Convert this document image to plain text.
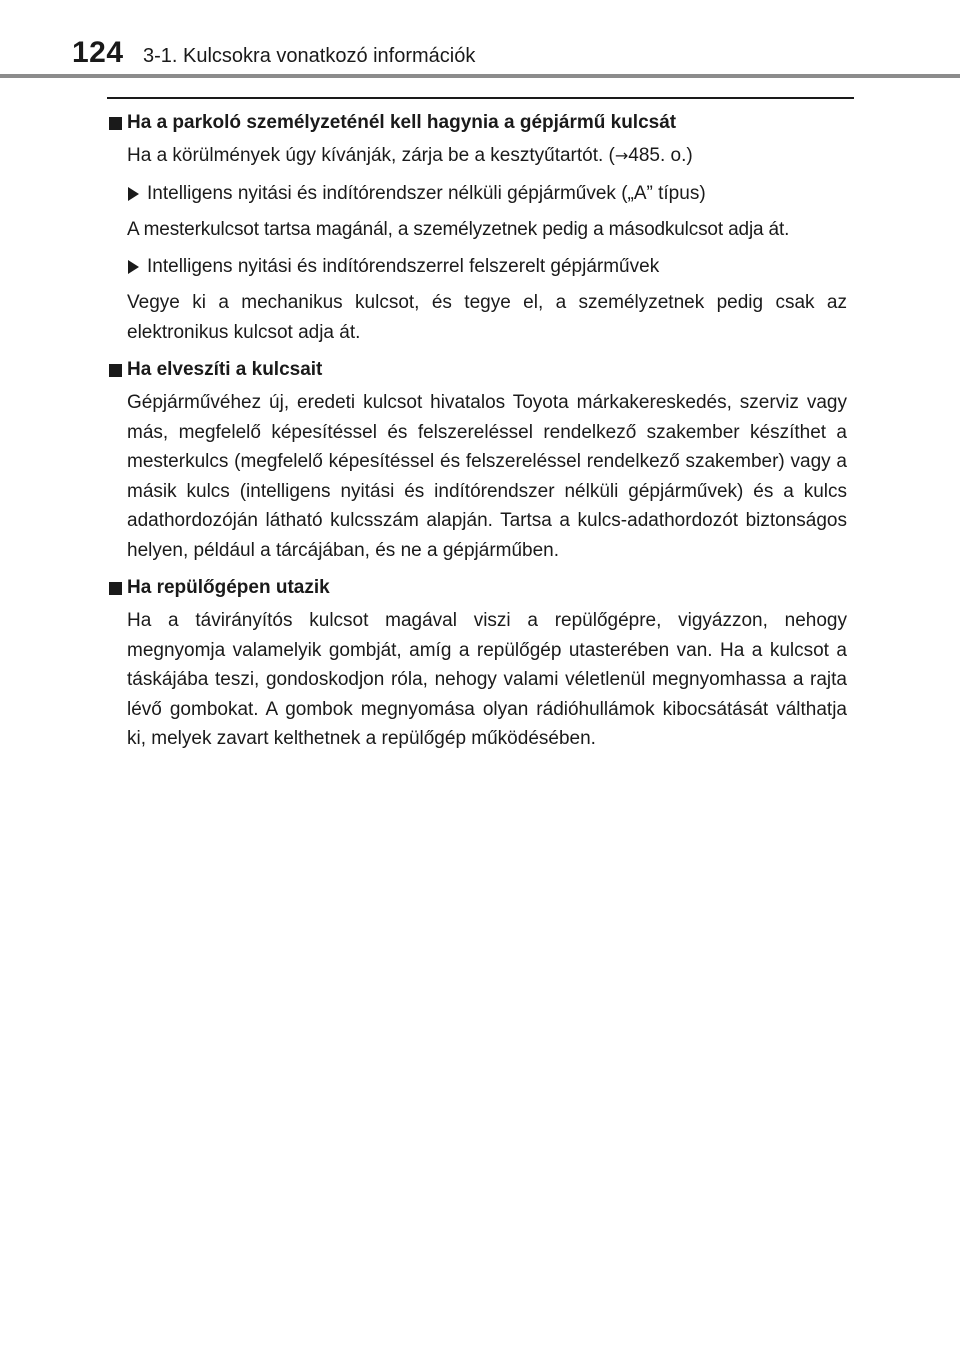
124 3-1. Kulcsokra vonatkozó információk
Ha a parkoló személyzeténél kell hagynia a gépjármű kulcsát
Ha a körülmények úgy kívánják, zárja be a kesztyűtartót. (→485. o.)
Intelligens nyitási és indítórendszer nélküli gépjárművek („A” típus)
A mesterkulcsot tartsa magánál, a személyzetnek pedig a másodkulcsot adja át.
Intelligens nyitási és indítórendszerrel felszerelt gépjárművek
Vegye ki a mechanikus kulcsot, és tegye el, a személyzetnek pedig csak az elektronikus kulcsot adja át.
Ha elveszíti a kulcsait
Gépjárművéhez új, eredeti kulcsot hivatalos Toyota márkakereskedés, szerviz vagy más, megfelelő képesítéssel és felszereléssel rendelkező szakember készíthet a mesterkulcs (megfelelő képesítéssel és felszereléssel rendelkező szakember) vagy a másik kulcs (intelligens nyitási és indítórendszer nélküli gépjárművek) és a kulcs adathordozóján látható kulcsszám alapján. Tartsa a kulcs-adathordozót biztonságos helyen, például a tárcájában, és ne a gépjárműben.
Ha repülőgépen utazik
Ha a távirányítós kulcsot magával viszi a repülőgépre, vigyázzon, nehogy megnyomja valamelyik gombját, amíg a repülőgép utasterében van. Ha a kulcsot a táskájába teszi, gondoskodjon róla, nehogy valami véletlenül megnyomhassa a rajta lévő gombokat. A gombok megnyomása olyan rádióhullámok kibocsátását válthatja ki, melyek zavart kelthetnek a repülőgép működésében.
